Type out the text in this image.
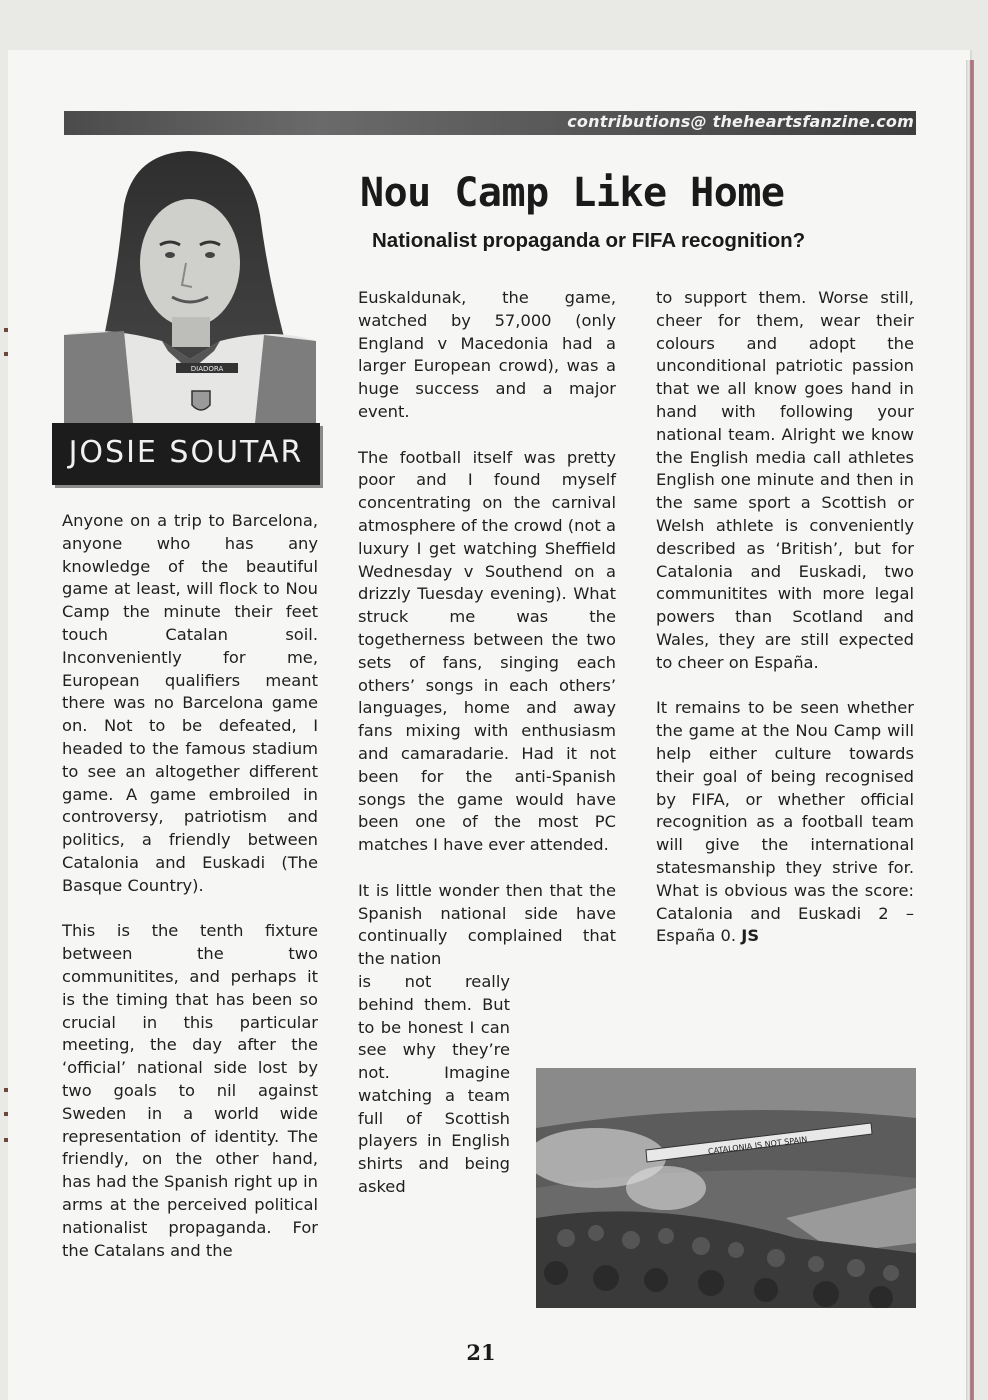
contributions@ theheartsfanzine.com
DIADORA
JOSIE SOUTAR
Nou Camp Like Home
Nationalist propaganda or FIFA recognition?

Anyone on a trip to Barcelona, anyone who has any knowledge of the beautiful game at least, will flock to Nou Camp the minute their feet touch Catalan soil. Inconveniently for me, European qualifiers meant there was no Barcelona game on. Not to be defeated, I headed to the famous stadium to see an altogether different game. A game embroiled in controversy, patriotism and politics, a friendly between Catalonia and Euskadi (The Basque Country).

This is the tenth fixture between the two communitites, and perhaps it is the timing that has been so crucial in this particular meeting, the day after the ‘official’ national side lost by two goals to nil against Sweden in a world wide representation of identity. The friendly, on the other hand, has had the Spanish right up in arms at the perceived political nationalist propaganda. For the Catalans and the

Euskaldunak, the game, watched by 57,000 (only England v Macedonia had a larger European crowd), was a huge success and a major event.

The football itself was pretty poor and I found myself concentrating on the carnival atmosphere of the crowd (not a luxury I get watching Sheffield Wednesday v Southend on a drizzly Tuesday evening). What struck me was the togetherness between the two sets of fans, singing each others’ songs in each others’ languages, home and away fans mixing with enthusiasm and camaradarie. Had it not been for the anti-Spanish songs the game would have been one of the most PC matches I have ever attended.

It is little wonder then that the Spanish national side have continually complained that the nation

is not really behind them. But to be honest I can see why they’re not. Imagine watching a team full of Scottish players in English shirts and being asked

to support them. Worse still, cheer for them, wear their colours and adopt the unconditional patriotic passion that we all know goes hand in hand with following your national team. Alright we know the English media call athletes English one minute and then in the same sport a Scottish or Welsh athlete is conveniently described as ‘British’, but for Catalonia and Euskadi, two communitites with more legal powers than Scotland and Wales, they are still expected to cheer on España.

It remains to be seen whether the game at the Nou Camp will help either culture towards their goal of being recognised by FIFA, or whether official recognition as a football team will give the international statesmanship they strive for. What is obvious was the score: Catalonia and Euskadi 2 – España 0. JS

CATALONIA IS NOT SPAIN
21
